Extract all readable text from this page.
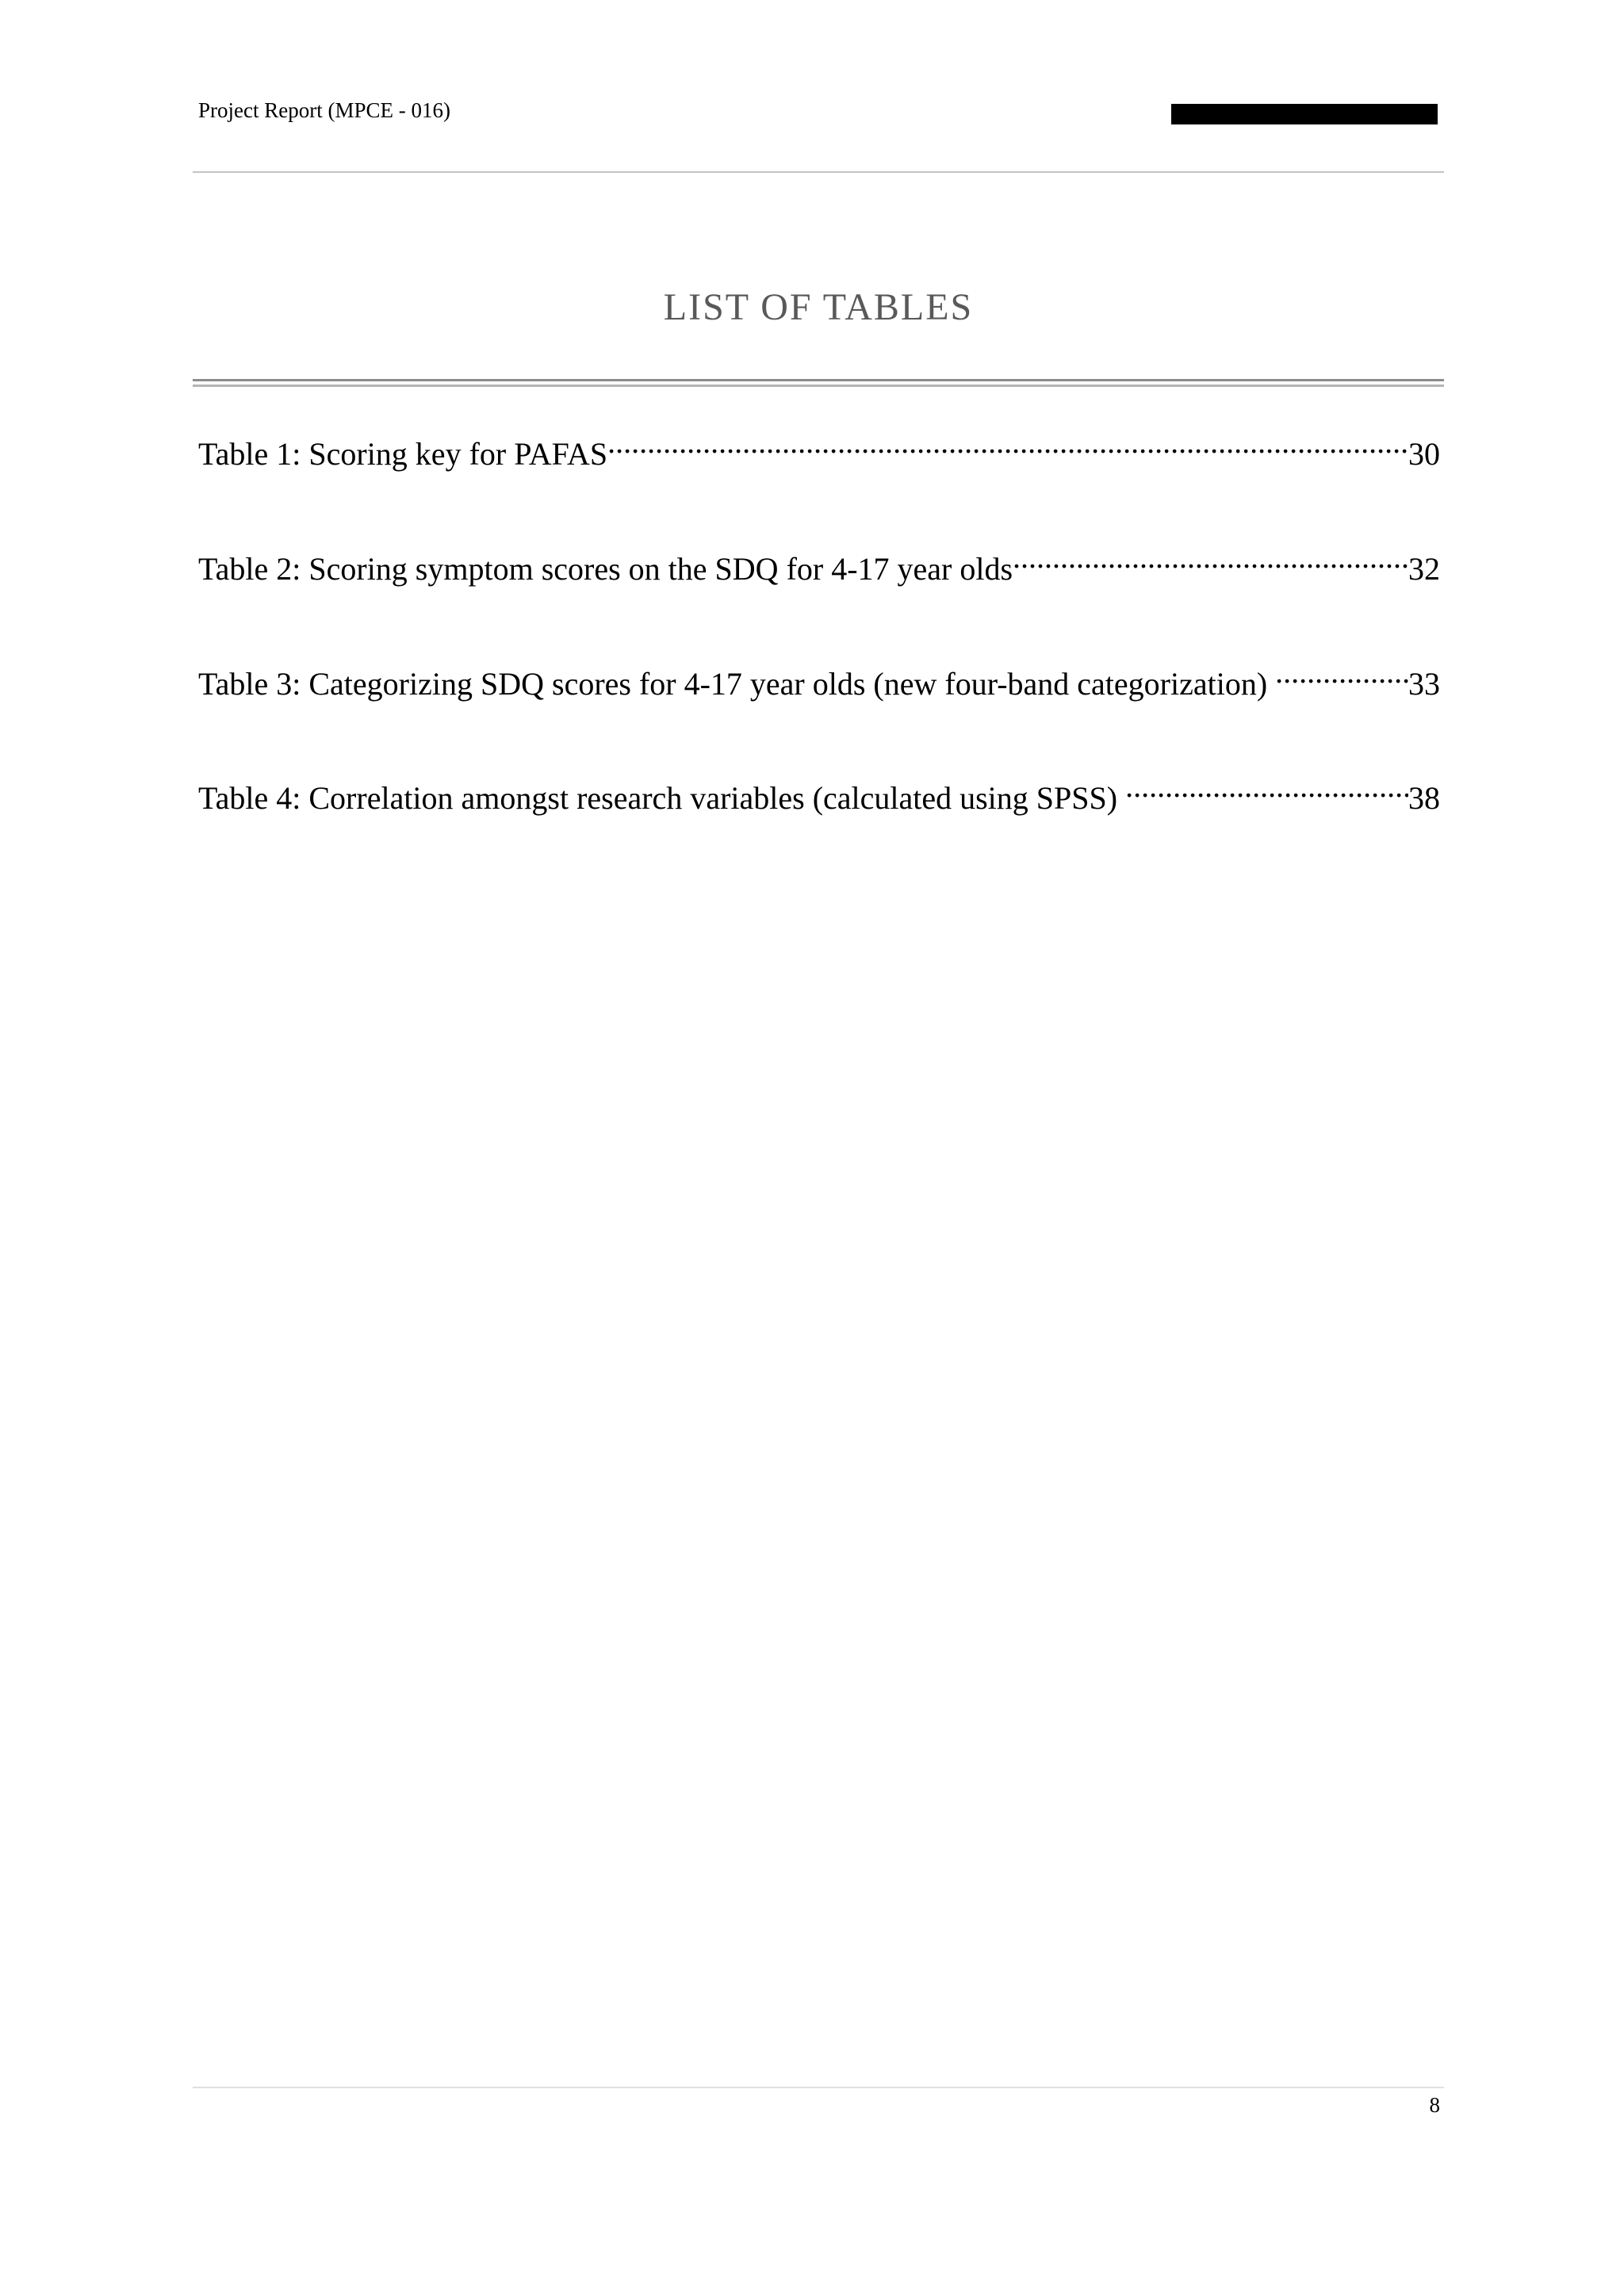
Project Report (MPCE - 016)
LIST OF TABLES
Table 1: Scoring key for PAFAS .....	30
Table 2: Scoring symptom scores on the SDQ for 4-17 year olds .....	32
Table 3: Categorizing SDQ scores for 4-17 year olds (new four-band categorization) .....	33
Table 4: Correlation amongst research variables (calculated using SPSS) .....	38
8
